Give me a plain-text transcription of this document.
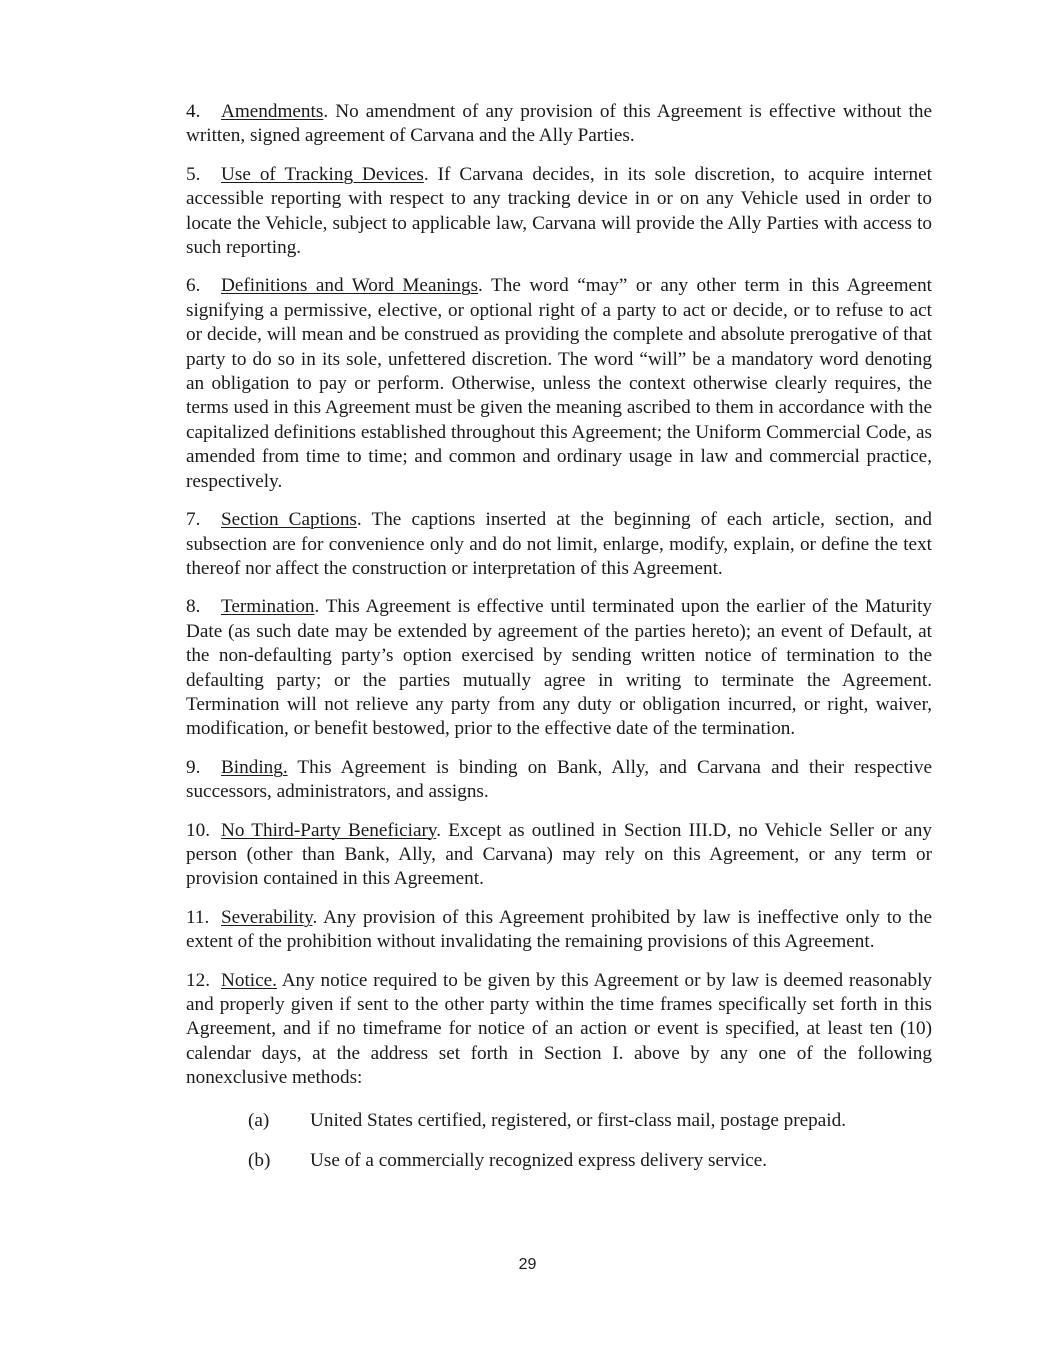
4. Amendments. No amendment of any provision of this Agreement is effective without the written, signed agreement of Carvana and the Ally Parties.

5. Use of Tracking Devices. If Carvana decides, in its sole discretion, to acquire internet accessible reporting with respect to any tracking device in or on any Vehicle used in order to locate the Vehicle, subject to applicable law, Carvana will provide the Ally Parties with access to such reporting.

6. Definitions and Word Meanings. The word “may” or any other term in this Agreement signifying a permissive, elective, or optional right of a party to act or decide, or to refuse to act or decide, will mean and be construed as providing the complete and absolute prerogative of that party to do so in its sole, unfettered discretion. The word “will” be a mandatory word denoting an obligation to pay or perform. Otherwise, unless the context otherwise clearly requires, the terms used in this Agreement must be given the meaning ascribed to them in accordance with the capitalized definitions established throughout this Agreement; the Uniform Commercial Code, as amended from time to time; and common and ordinary usage in law and commercial practice, respectively.

7. Section Captions. The captions inserted at the beginning of each article, section, and subsection are for convenience only and do not limit, enlarge, modify, explain, or define the text thereof nor affect the construction or interpretation of this Agreement.

8. Termination. This Agreement is effective until terminated upon the earlier of the Maturity Date (as such date may be extended by agreement of the parties hereto); an event of Default, at the non-defaulting party’s option exercised by sending written notice of termination to the defaulting party; or the parties mutually agree in writing to terminate the Agreement. Termination will not relieve any party from any duty or obligation incurred, or right, waiver, modification, or benefit bestowed, prior to the effective date of the termination.

9. Binding. This Agreement is binding on Bank, Ally, and Carvana and their respective successors, administrators, and assigns.

10. No Third-Party Beneficiary. Except as outlined in Section III.D, no Vehicle Seller or any person (other than Bank, Ally, and Carvana) may rely on this Agreement, or any term or provision contained in this Agreement.

11. Severability. Any provision of this Agreement prohibited by law is ineffective only to the extent of the prohibition without invalidating the remaining provisions of this Agreement.

12. Notice. Any notice required to be given by this Agreement or by law is deemed reasonably and properly given if sent to the other party within the time frames specifically set forth in this Agreement, and if no timeframe for notice of an action or event is specified, at least ten (10) calendar days, at the address set forth in Section I. above by any one of the following nonexclusive methods:

(a)	United States certified, registered, or first-class mail, postage prepaid.
(b)	Use of a commercially recognized express delivery service.
29
